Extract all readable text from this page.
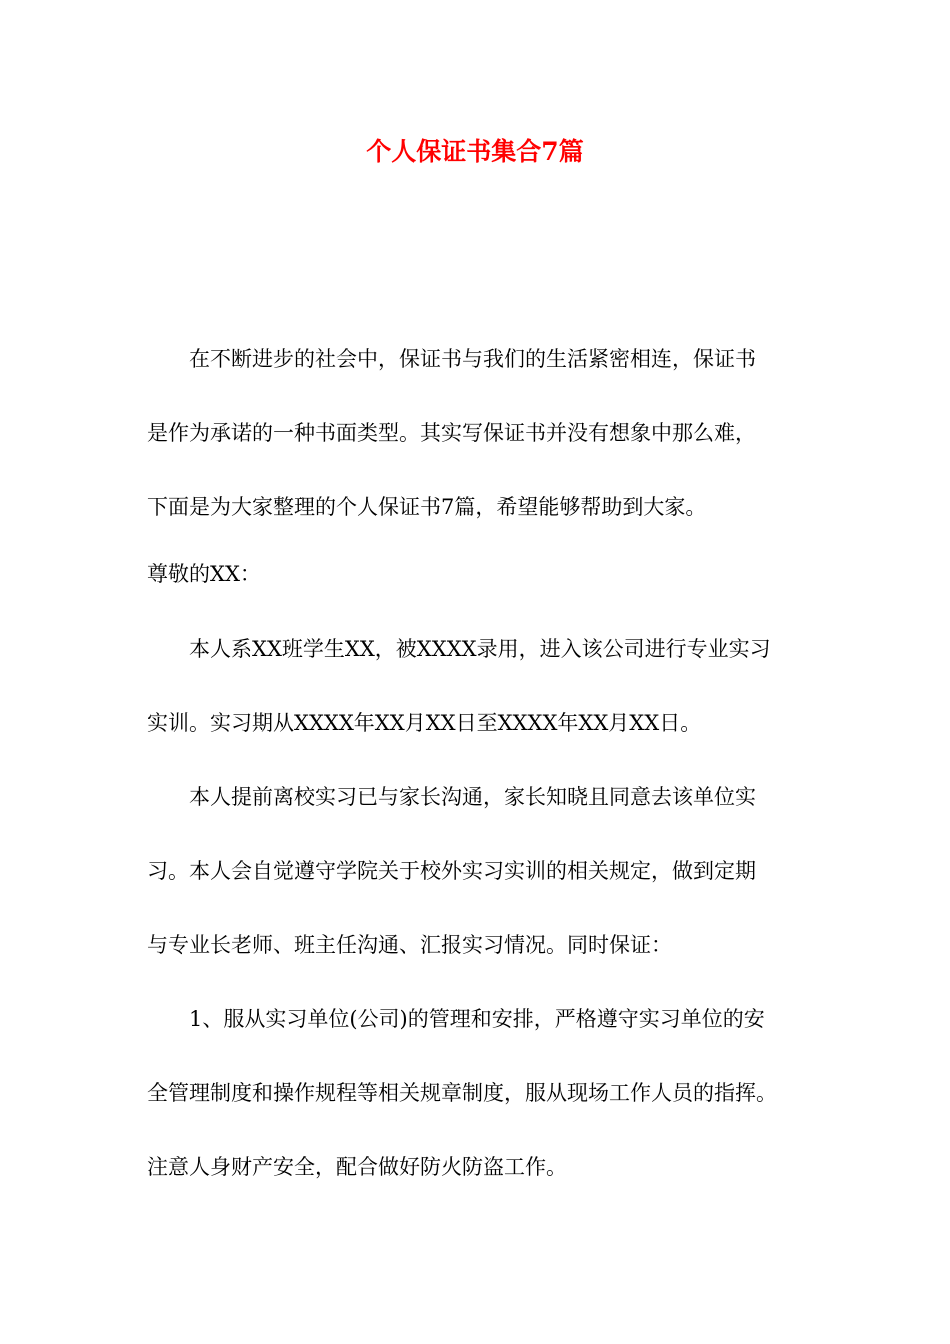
个人保证书集合7篇

在不断进步的社会中，保证书与我们的生活紧密相连，保证书
是作为承诺的一种书面类型。其实写保证书并没有想象中那么难，
下面是为大家整理的个人保证书7篇，希望能够帮助到大家。

尊敬的XX：

本人系XX班学生XX，被XXXX录用，进入该公司进行专业实习
实训。实习期从XXXX年XX月XX日至XXXX年XX月XX日。

本人提前离校实习已与家长沟通，家长知晓且同意去该单位实
习。本人会自觉遵守学院关于校外实习实训的相关规定，做到定期
与专业长老师、班主任沟通、汇报实习情况。同时保证：

1、服从实习单位(公司)的管理和安排，严格遵守实习单位的安
全管理制度和操作规程等相关规章制度，服从现场工作人员的指挥。
注意人身财产安全，配合做好防火防盗工作。
